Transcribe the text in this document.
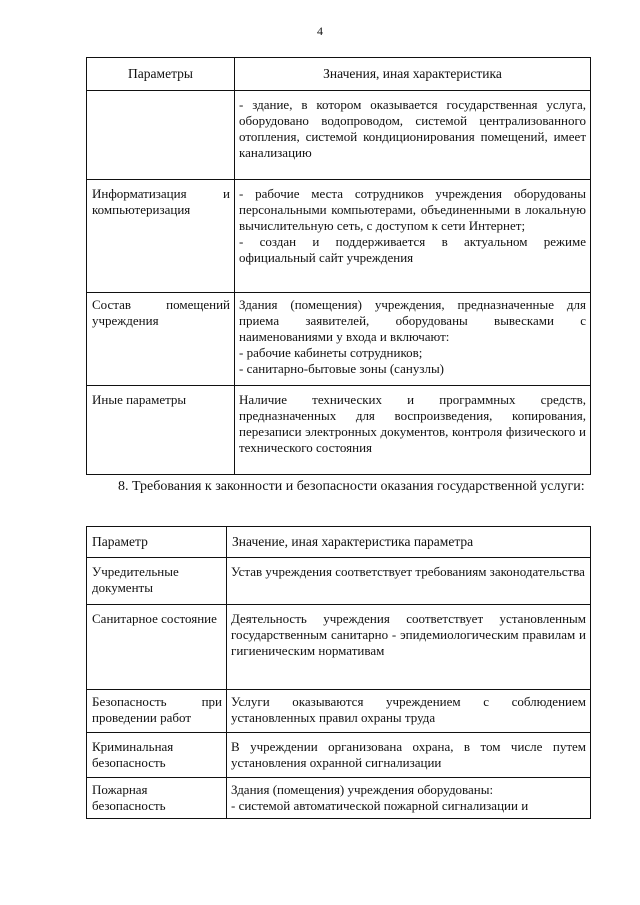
4
Параметры	Значения, иная характеристика

	- здание, в котором оказывается государственная услуга, оборудовано водопроводом, системой централизованного отопления, системой кондиционирования помещений, имеет канализацию

Информатизация и компьютеризация	- рабочие места сотрудников учреждения оборудованы персональными компьютерами, объединенными в локальную вычислительную сеть, с доступом к сети Интернет;
- создан и поддерживается в актуальном режиме официальный сайт учреждения

Состав помещений учреждения	Здания (помещения) учреждения, предназначенные для приема заявителей, оборудованы вывесками с наименованиями у входа и включают:
- рабочие кабинеты сотрудников;
- санитарно-бытовые зоны (санузлы)

Иные параметры	Наличие технических и программных средств, предназначенных для воспроизведения, копирования, перезаписи электронных документов, контроля физического и технического состояния
8. Требования к законности и безопасности оказания государственной услуги:
Параметр	Значение, иная характеристика параметра
Учредительные документы	Устав учреждения соответствует требованиям законодательства

Санитарное состояние	Деятельность учреждения соответствует установленным государственным санитарно - эпидемиологическим правилам и гигиеническим нормативам

Безопасность при проведении работ	Услуги оказываются учреждением с соблюдением установленных правил охраны труда

Криминальная безопасность	В учреждении организована охрана, в том числе путем установления охранной сигнализации

Пожарная безопасность	Здания (помещения) учреждения оборудованы:
- системой автоматической пожарной сигнализации и
